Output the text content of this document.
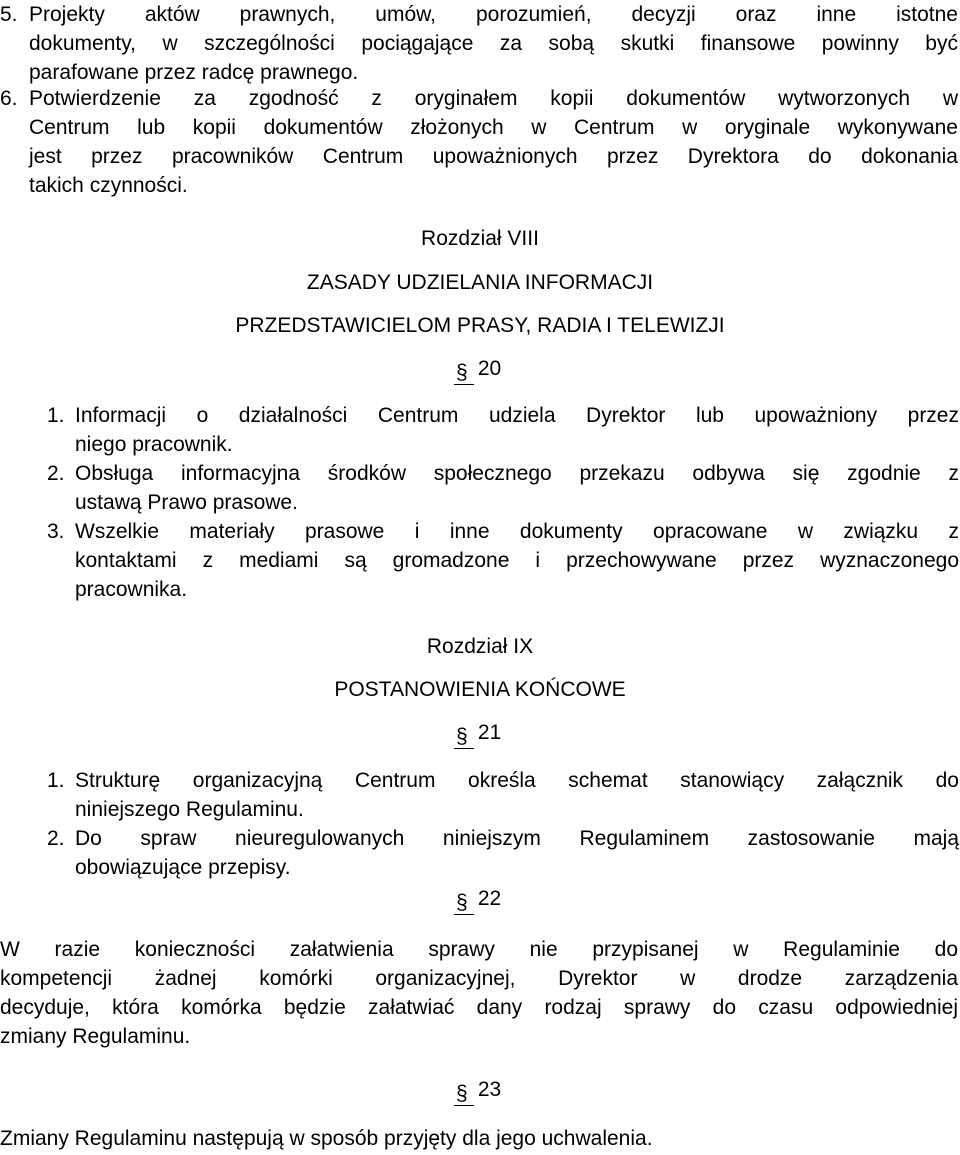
5. Projekty aktów prawnych, umów, porozumień, decyzji oraz inne istotne
dokumenty, w szczególności pociągające za sobą skutki finansowe powinny być
parafowane przez radcę prawnego.
6. Potwierdzenie za zgodność z oryginałem kopii dokumentów wytworzonych w
Centrum lub kopii dokumentów złożonych w Centrum w oryginale wykonywane
jest przez pracowników Centrum upoważnionych przez Dyrektora do dokonania
takich czynności.
Rozdział VIII
ZASADY UDZIELANIA INFORMACJI
PRZEDSTAWICIELOM PRASY, RADIA I TELEWIZJI
§ 20
1. Informacji o działalności Centrum udziela Dyrektor lub upoważniony przez
niego pracownik.
2. Obsługa informacyjna środków społecznego przekazu odbywa się zgodnie z
ustawą Prawo prasowe.
3. Wszelkie materiały prasowe i inne dokumenty opracowane w związku z
kontaktami z mediami są gromadzone i przechowywane przez wyznaczonego
pracownika.
Rozdział IX
POSTANOWIENIA KOŃCOWE
§ 21
1. Strukturę organizacyjną Centrum określa schemat stanowiący załącznik do
niniejszego Regulaminu.
2. Do spraw nieuregulowanych niniejszym Regulaminem zastosowanie mają
obowiązujące przepisy.
§ 22
W razie konieczności załatwienia sprawy nie przypisanej w Regulaminie do
kompetencji żadnej komórki organizacyjnej, Dyrektor w drodze zarządzenia
decyduje, która komórka będzie załatwiać dany rodzaj sprawy do czasu odpowiedniej
zmiany Regulaminu.
§ 23
Zmiany Regulaminu następują w sposób przyjęty dla jego uchwalenia.
